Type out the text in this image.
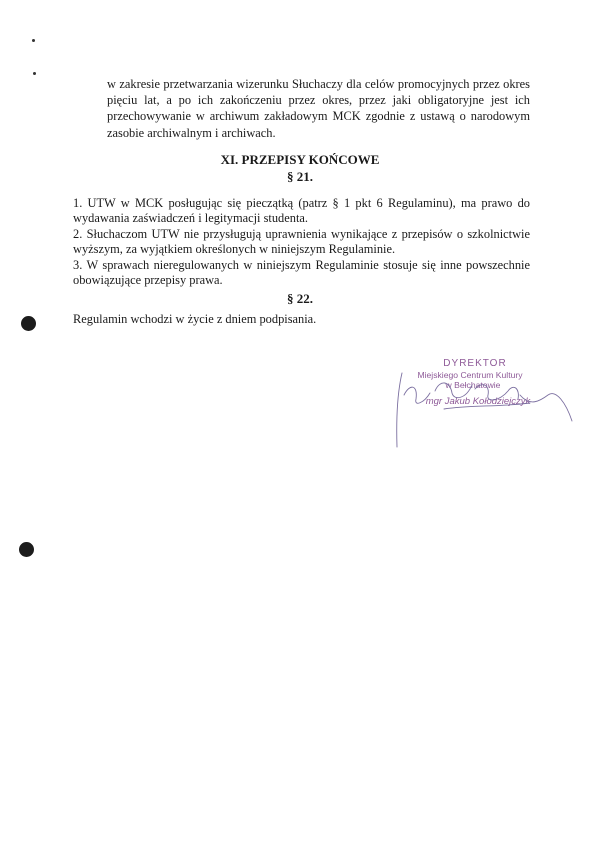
w zakresie przetwarzania wizerunku Słuchaczy dla celów promocyjnych przez okres
pięciu lat, a po ich zakończeniu przez okres, przez jaki obligatoryjne jest ich
przechowywanie w archiwum zakładowym MCK zgodnie z ustawą o narodowym
zasobie archiwalnym i archiwach.
XI. PRZEPISY KOŃCOWE
§ 21.
1. UTW w MCK posługując się pieczątką (patrz § 1 pkt 6 Regulaminu), ma prawo do
wydawania zaświadczeń i legitymacji studenta.
2. Słuchaczom UTW nie przysługują uprawnienia wynikające z przepisów o szkolnictwie
wyższym, za wyjątkiem określonych w niniejszym Regulaminie.
3. W sprawach nieregulowanych w niniejszym Regulaminie stosuje się inne powszechnie
obowiązujące przepisy prawa.
§ 22.
Regulamin wchodzi w życie z dniem podpisania.
DYREKTOR
Miejskiego Centrum Kultury
w Bełchatowie
mgr Jakub Kołodziejczyk
